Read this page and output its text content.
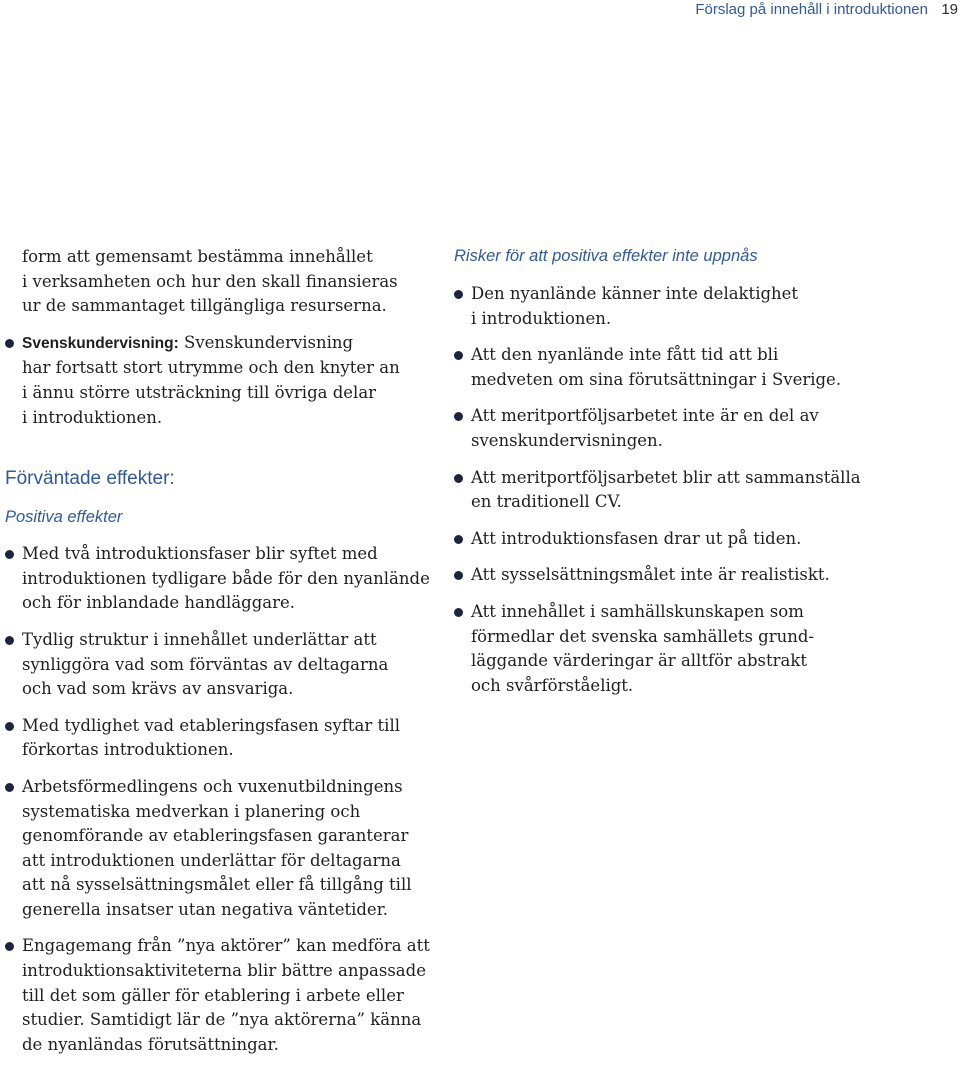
Förslag på innehåll i introduktionen 19

form att gemensamt bestämma innehållet
i verksamheten och hur den skall finansieras
ur de sammantaget tillgängliga resurserna.

Svenskundervisning: Svenskundervisning
har fortsatt stort utrymme och den knyter an
i ännu större utsträckning till övriga delar
i introduktionen.
Förväntade effekter:
Positiva effekter
Med två introduktionsfaser blir syftet med
introduktionen tydligare både för den nyanlände
och för inblandade handläggare.
Tydlig struktur i innehållet underlättar att
synliggöra vad som förväntas av deltagarna
och vad som krävs av ansvariga.
Med tydlighet vad etableringsfasen syftar till
förkortas introduktionen.
Arbetsförmedlingens och vuxenutbildningens
systematiska medverkan i planering och
genomförande av etableringsfasen garanterar
att introduktionen underlättar för deltagarna
att nå sysselsättningsmålet eller få tillgång till
generella insatser utan negativa väntetider.
Engagemang från ”nya aktörer” kan medföra att
introduktionsaktiviteterna blir bättre anpassade
till det som gäller för etablering i arbete eller
studier. Samtidigt lär de ”nya aktörerna” känna
de nyanländas förutsättningar.
Risker för att positiva effekter inte uppnås
Den nyanlände känner inte delaktighet
i introduktionen.
Att den nyanlände inte fått tid att bli
medveten om sina förutsättningar i Sverige.
Att meritportföljsarbetet inte är en del av
svenskundervisningen.
Att meritportföljsarbetet blir att sammanställa
en traditionell CV.
Att introduktionsfasen drar ut på tiden.
Att sysselsättningsmålet inte är realistiskt.
Att innehållet i samhällskunskapen som
förmedlar det svenska samhällets grund-
läggande värderingar är alltför abstrakt
och svårförståeligt.
